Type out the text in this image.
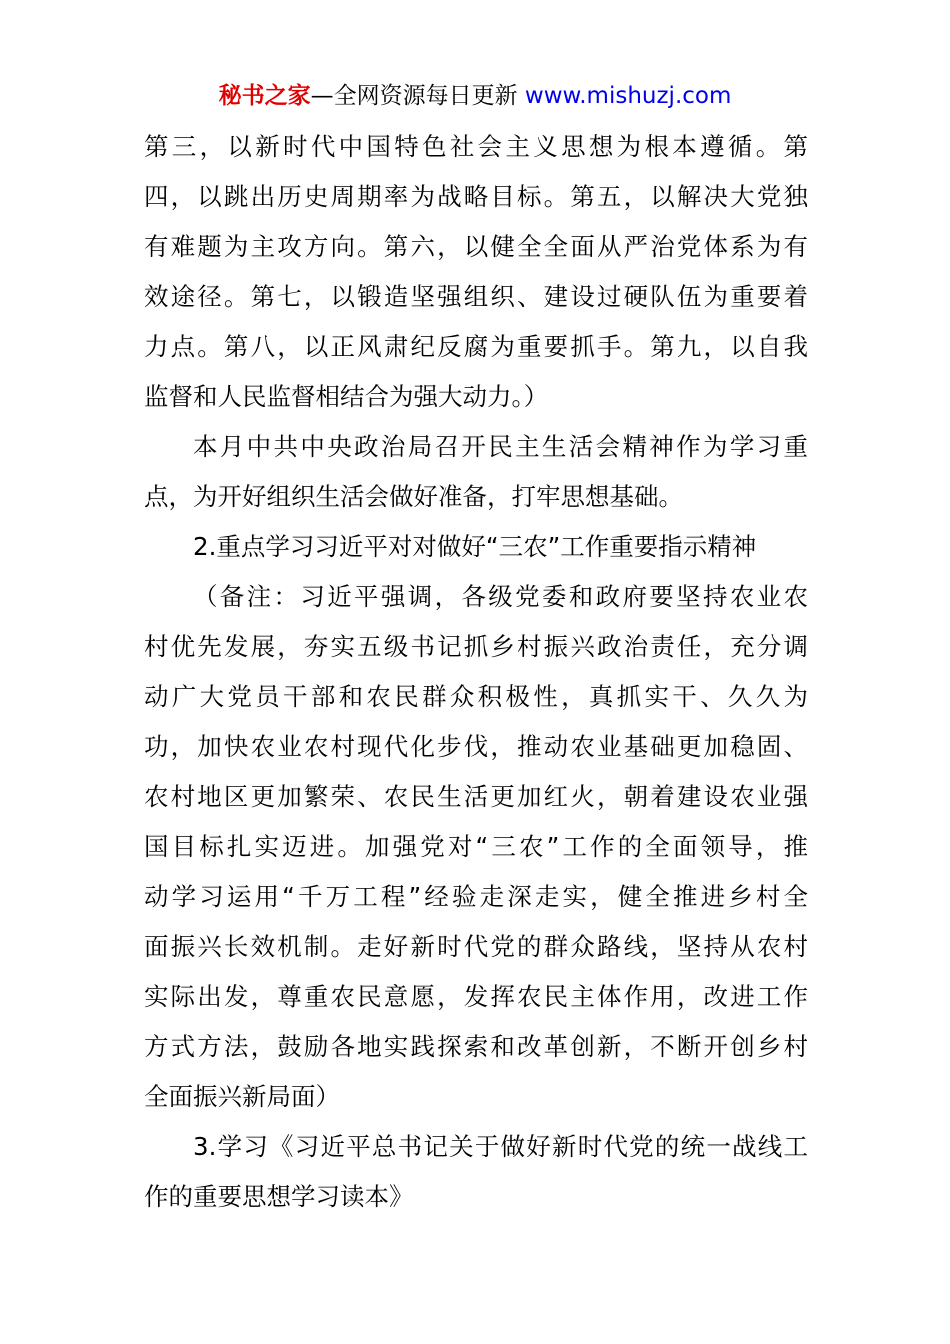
秘书之家—全网资源每日更新 www.mishuzj.com
第三，以新时代中国特色社会主义思想为根本遵循。第
四，以跳出历史周期率为战略目标。第五，以解决大党独
有难题为主攻方向。第六，以健全全面从严治党体系为有
效途径。第七，以锻造坚强组织、建设过硬队伍为重要着
力点。第八，以正风肃纪反腐为重要抓手。第九，以自我
监督和人民监督相结合为强大动力。）
本月中共中央政治局召开民主生活会精神作为学习重
点，为开好组织生活会做好准备，打牢思想基础。
2.重点学习习近平对对做好“三农”工作重要指示精神
（备注：习近平强调，各级党委和政府要坚持农业农
村优先发展，夯实五级书记抓乡村振兴政治责任，充分调
动广大党员干部和农民群众积极性，真抓实干、久久为
功，加快农业农村现代化步伐，推动农业基础更加稳固、
农村地区更加繁荣、农民生活更加红火，朝着建设农业强
国目标扎实迈进。加强党对“三农”工作的全面领导，推
动学习运用“千万工程”经验走深走实，健全推进乡村全
面振兴长效机制。走好新时代党的群众路线，坚持从农村
实际出发，尊重农民意愿，发挥农民主体作用，改进工作
方式方法，鼓励各地实践探索和改革创新，不断开创乡村
全面振兴新局面）
3.学习《习近平总书记关于做好新时代党的统一战线工
作的重要思想学习读本》
